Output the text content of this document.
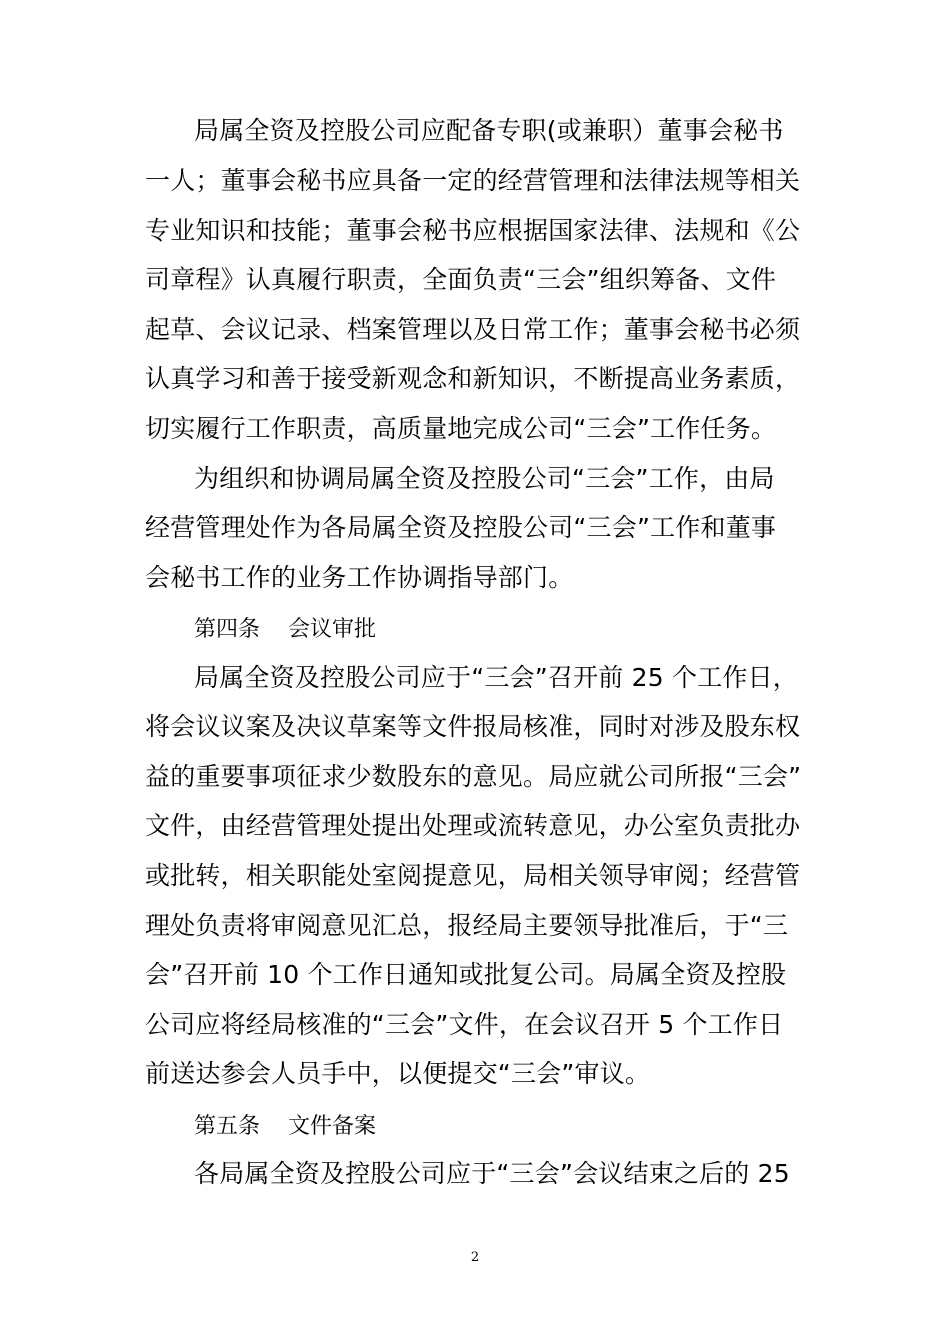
局属全资及控股公司应配备专职(或兼职）董事会秘书
一人；董事会秘书应具备一定的经营管理和法律法规等相关
专业知识和技能；董事会秘书应根据国家法律、法规和《公
司章程》认真履行职责，全面负责“三会”组织筹备、文件
起草、会议记录、档案管理以及日常工作；董事会秘书必须
认真学习和善于接受新观念和新知识，不断提高业务素质，
切实履行工作职责，高质量地完成公司“三会”工作任务。
为组织和协调局属全资及控股公司“三会”工作，由局
经营管理处作为各局属全资及控股公司“三会”工作和董事
会秘书工作的业务工作协调指导部门。
第四条 会议审批
局属全资及控股公司应于“三会”召开前 25 个工作日，
将会议议案及决议草案等文件报局核准，同时对涉及股东权
益的重要事项征求少数股东的意见。局应就公司所报“三会”
文件，由经营管理处提出处理或流转意见，办公室负责批办
或批转，相关职能处室阅提意见，局相关领导审阅；经营管
理处负责将审阅意见汇总，报经局主要领导批准后，于“三
会”召开前 10 个工作日通知或批复公司。局属全资及控股
公司应将经局核准的“三会”文件，在会议召开 5 个工作日
前送达参会人员手中，以便提交“三会”审议。
第五条 文件备案
各局属全资及控股公司应于“三会”会议结束之后的 25
2
